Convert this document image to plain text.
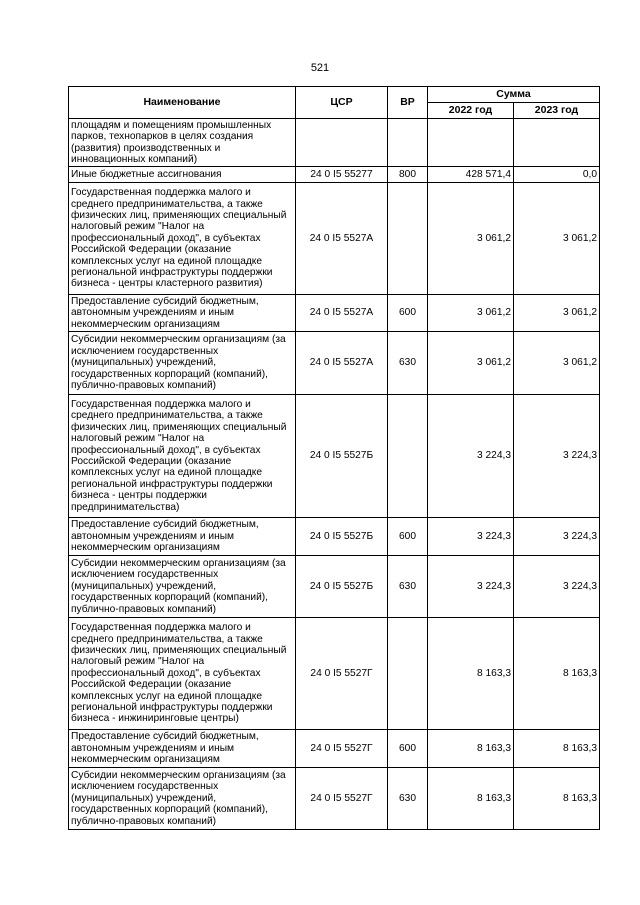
521
Наименование	ЦСР	ВР	Сумма	
			2022 год	2023 год
площадям и помещениям промышленных парков, технопарков в целях создания (развития) производственных и инновационных компаний)				
Иные бюджетные ассигнования	24 0 I5 55277	800	428 571,4	0,0
Государственная поддержка малого и среднего предпринимательства, а также физических лиц, применяющих специальный налоговый режим "Налог на профессиональный доход", в субъектах Российской Федерации (оказание комплексных услуг на единой площадке региональной инфраструктуры поддержки бизнеса - центры кластерного развития)	24 0 I5 5527А		3 061,2	3 061,2
Предоставление субсидий бюджетным, автономным учреждениям и иным некоммерческим организациям	24 0 I5 5527А	600	3 061,2	3 061,2
Субсидии некоммерческим организациям (за исключением государственных (муниципальных) учреждений, государственных корпораций (компаний), публично-правовых компаний)	24 0 I5 5527А	630	3 061,2	3 061,2
Государственная поддержка малого и среднего предпринимательства, а также физических лиц, применяющих специальный налоговый режим "Налог на профессиональный доход", в субъектах Российской Федерации (оказание комплексных услуг на единой площадке региональной инфраструктуры поддержки бизнеса - центры поддержки предпринимательства)	24 0 I5 5527Б		3 224,3	3 224,3
Предоставление субсидий бюджетным, автономным учреждениям и иным некоммерческим организациям	24 0 I5 5527Б	600	3 224,3	3 224,3
Субсидии некоммерческим организациям (за исключением государственных (муниципальных) учреждений, государственных корпораций (компаний), публично-правовых компаний)	24 0 I5 5527Б	630	3 224,3	3 224,3
Государственная поддержка малого и среднего предпринимательства, а также физических лиц, применяющих специальный налоговый режим "Налог на профессиональный доход", в субъектах Российской Федерации (оказание комплексных услуг на единой площадке региональной инфраструктуры поддержки бизнеса - инжиниринговые центры)	24 0 I5 5527Г		8 163,3	8 163,3
Предоставление субсидий бюджетным, автономным учреждениям и иным некоммерческим организациям	24 0 I5 5527Г	600	8 163,3	8 163,3
Субсидии некоммерческим организациям (за исключением государственных (муниципальных) учреждений, государственных корпораций (компаний), публично-правовых компаний)	24 0 I5 5527Г	630	8 163,3	8 163,3
